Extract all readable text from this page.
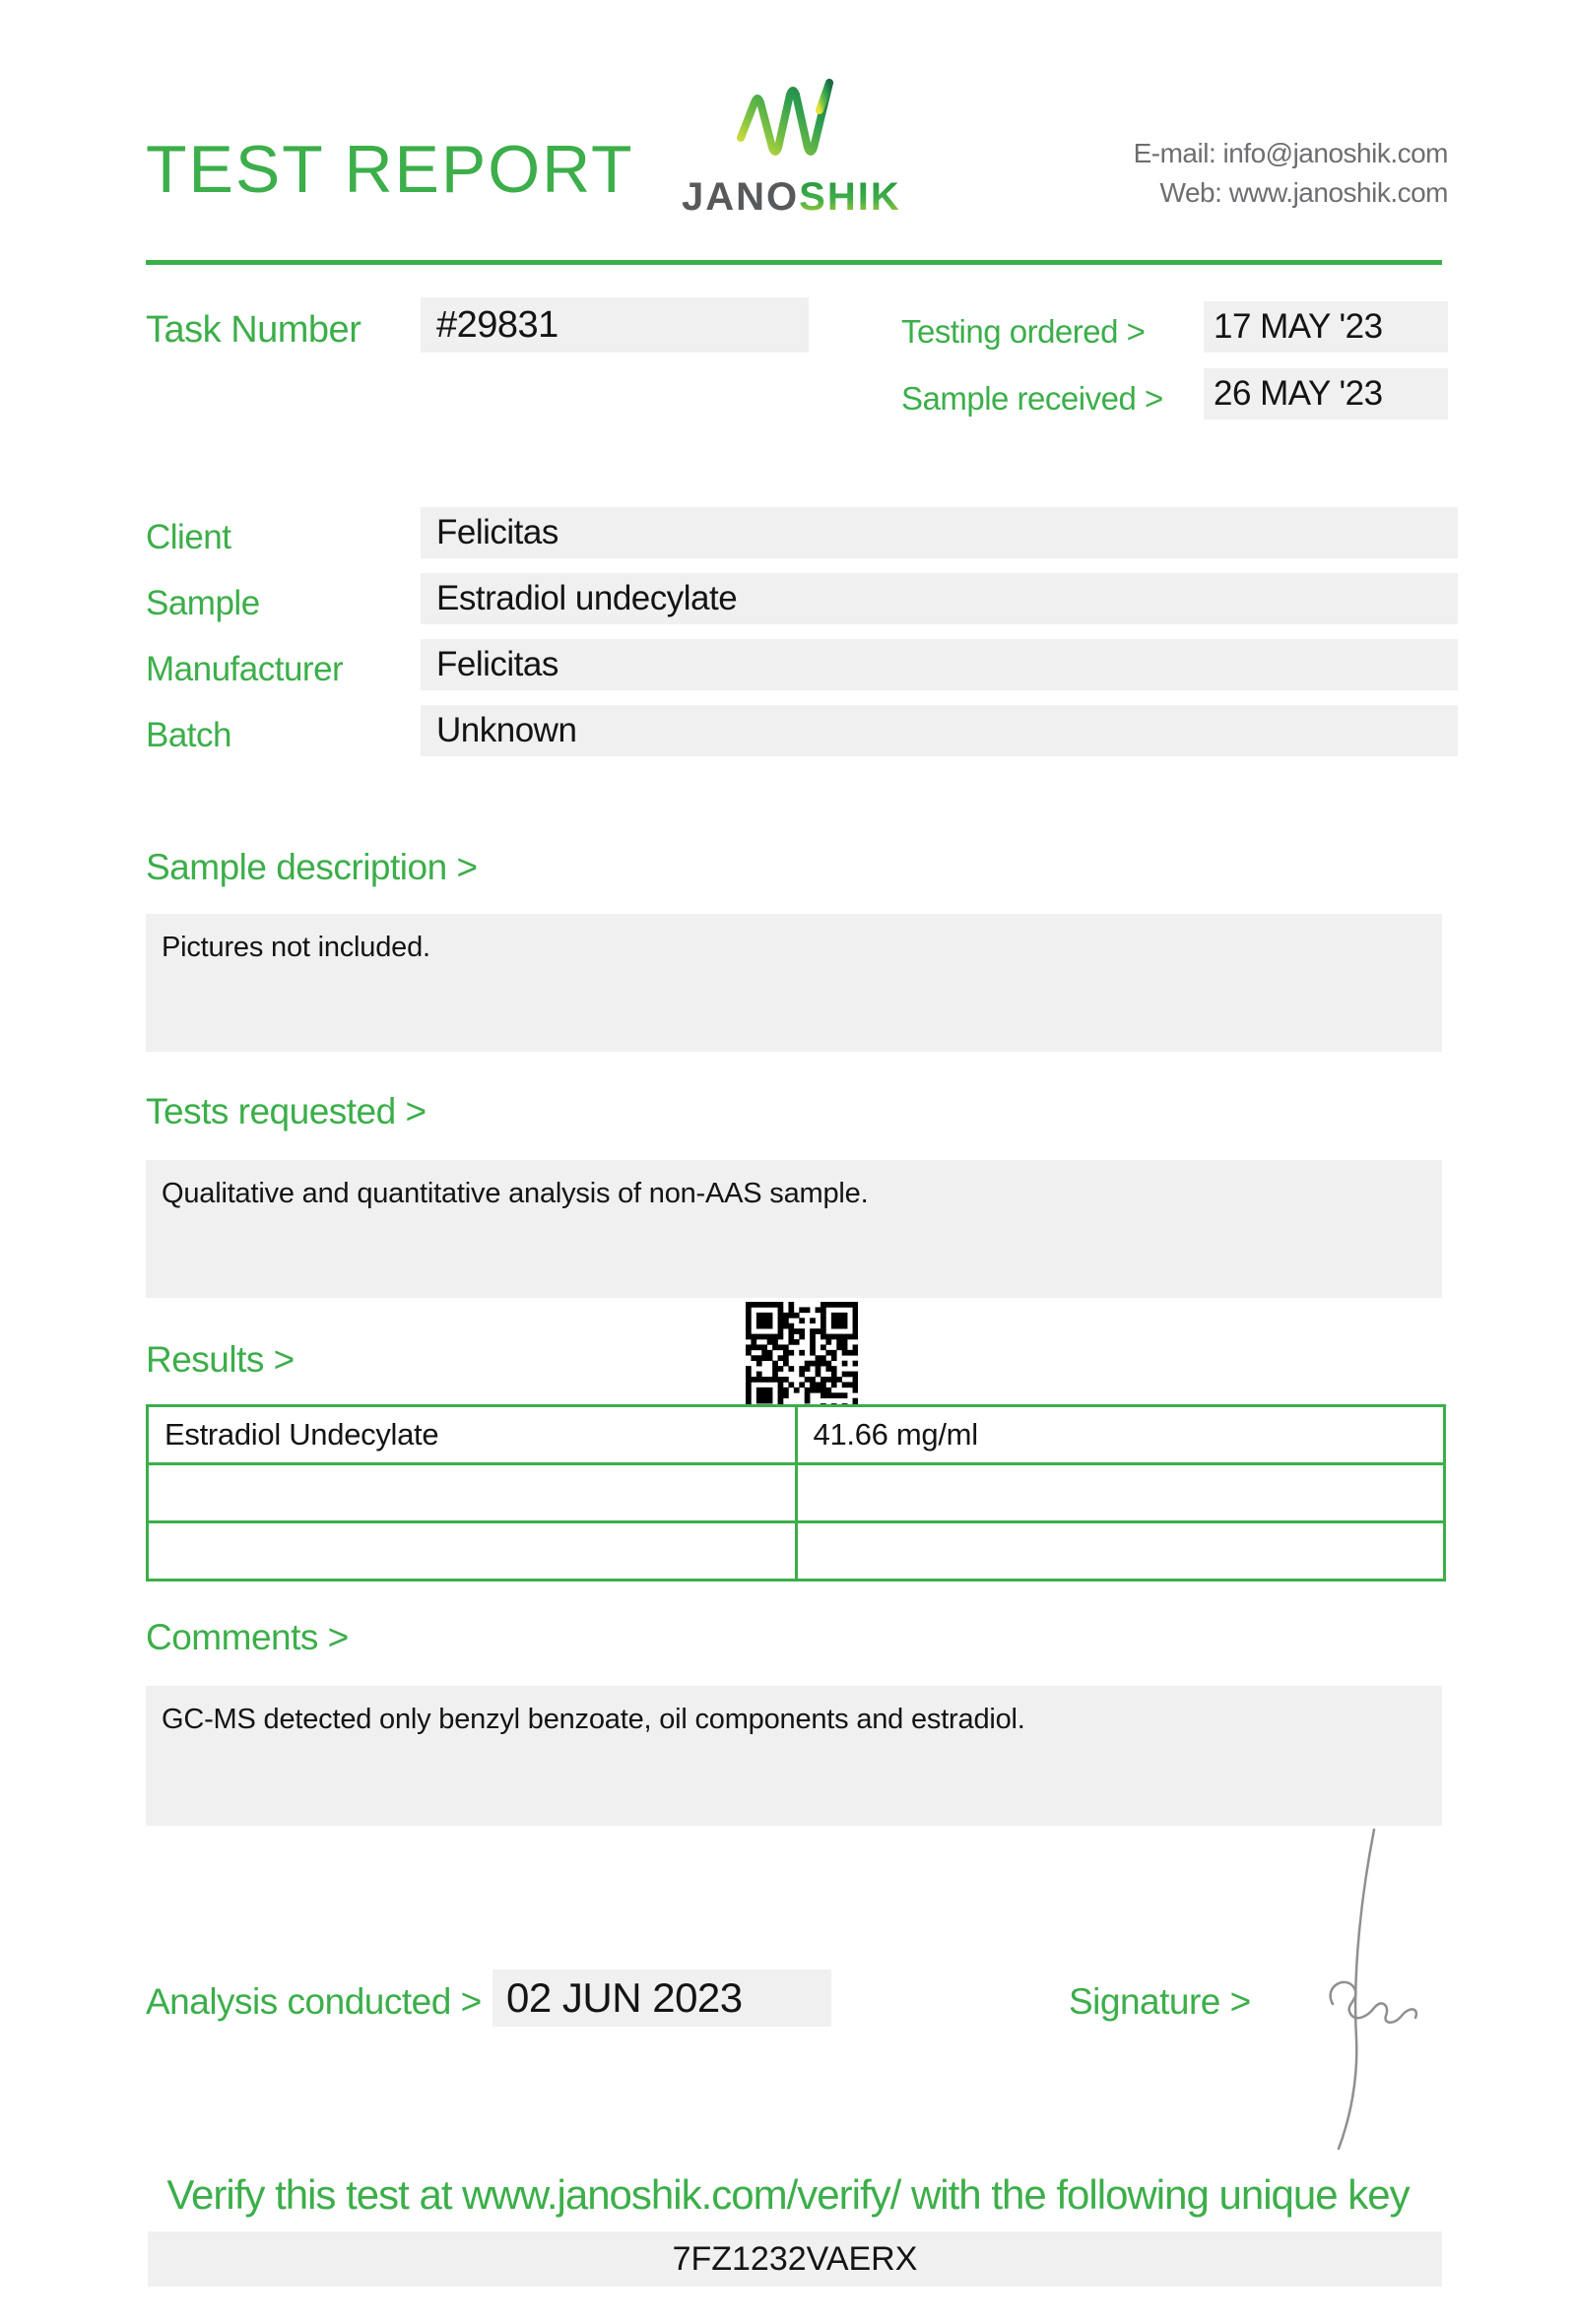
TEST REPORT JANOSHIK
E-mail: info@janoshik.com
Web: www.janoshik.com
Task Number	#29831	Testing ordered > 17 MAY '23
Sample received > 26 MAY '23
Client	Felicitas
Sample	Estradiol undecylate
Manufacturer	Felicitas
Batch	Unknown
Sample description >
Pictures not included.
Tests requested >
Qualitative and quantitative analysis of non-AAS sample.
Results >
Estradiol Undecylate	41.66 mg/ml
Comments >
GC-MS detected only benzyl benzoate, oil components and estradiol.
Analysis conducted > 02 JUN 2023	Signature >
Verify this test at www.janoshik.com/verify/ with the following unique key
7FZ1232VAERX
